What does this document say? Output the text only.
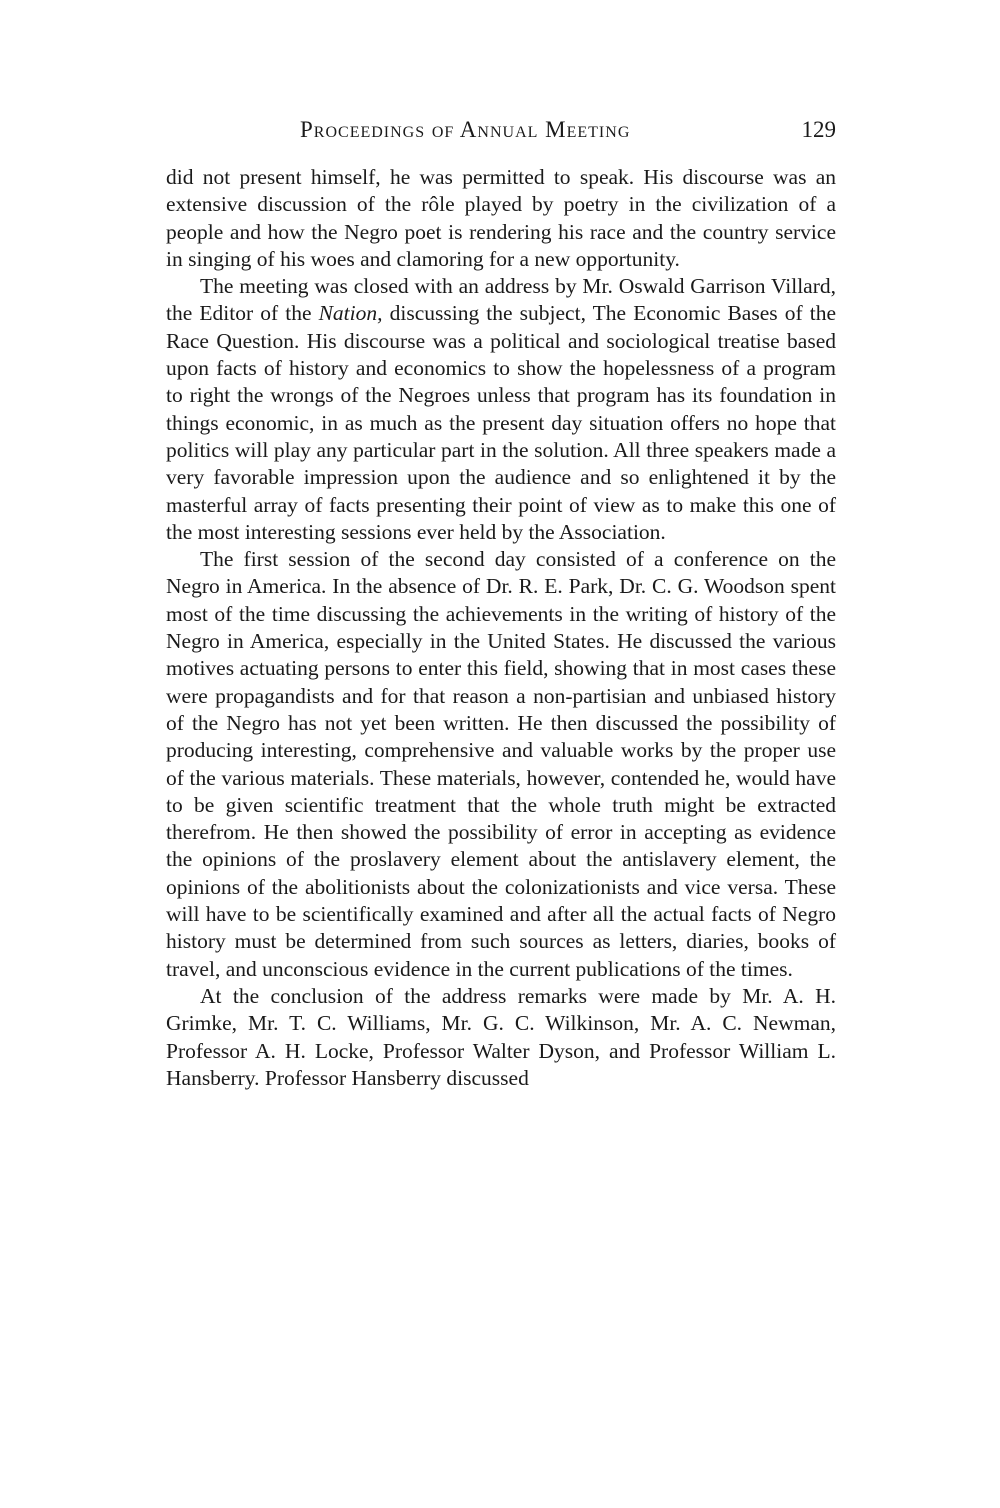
Proceedings of Annual Meeting	129

did not present himself, he was permitted to speak. His discourse was an extensive discussion of the rôle played by poetry in the civilization of a people and how the Negro poet is rendering his race and the country service in singing of his woes and clamoring for a new opportunity.

The meeting was closed with an address by Mr. Oswald Garrison Villard, the Editor of the Nation, discussing the subject, The Economic Bases of the Race Question. His discourse was a political and sociological treatise based upon facts of history and economics to show the hopelessness of a program to right the wrongs of the Negroes unless that program has its foundation in things economic, in as much as the present day situation offers no hope that politics will play any particular part in the solution. All three speakers made a very favorable impression upon the audience and so enlightened it by the masterful array of facts presenting their point of view as to make this one of the most interesting sessions ever held by the Association.

The first session of the second day consisted of a conference on the Negro in America. In the absence of Dr. R. E. Park, Dr. C. G. Woodson spent most of the time discussing the achievements in the writing of history of the Negro in America, especially in the United States. He discussed the various motives actuating persons to enter this field, showing that in most cases these were propagandists and for that reason a non-partisian and unbiased history of the Negro has not yet been written. He then discussed the possibility of producing interesting, comprehensive and valuable works by the proper use of the various materials. These materials, however, contended he, would have to be given scientific treatment that the whole truth might be extracted therefrom. He then showed the possibility of error in accepting as evidence the opinions of the proslavery element about the antislavery element, the opinions of the abolitionists about the colonizationists and vice versa. These will have to be scientifically examined and after all the actual facts of Negro history must be determined from such sources as letters, diaries, books of travel, and unconscious evidence in the current publications of the times.

At the conclusion of the address remarks were made by Mr. A. H. Grimke, Mr. T. C. Williams, Mr. G. C. Wilkinson, Mr. A. C. Newman, Professor A. H. Locke, Professor Walter Dyson, and Professor William L. Hansberry. Professor Hansberry discussed
